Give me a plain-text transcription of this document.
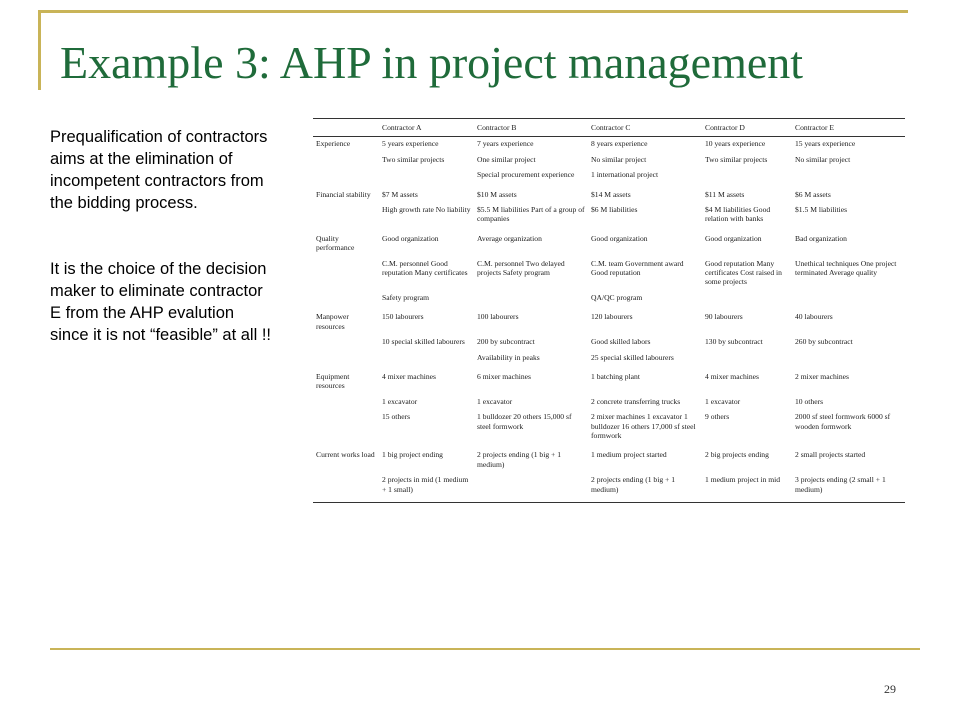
Example 3: AHP in project management

Prequalification of contractors aims at the elimination of incompetent contractors from the bidding process.

It is the choice of the decision maker to eliminate contractor E from the AHP evalution since it is not “feasible” at all !!

	Contractor A	Contractor B	Contractor C	Contractor D	Contractor E
Experience	5 years experience	7 years experience	8 years experience	10 years experience	15 years experience
	Two similar projects	One similar project	No similar project	Two similar projects	No similar project
		Special procurement experience	1 international project		
Financial stability	$7 M assets	$10 M assets	$14 M assets	$11 M assets	$6 M assets
	High growth rate No liability	$5.5 M liabilities Part of a group of companies	$6 M liabilities	$4 M liabilities Good relation with banks	$1.5 M liabilities
Quality performance	Good organization	Average organization	Good organization	Good organization	Bad organization
	C.M. personnel Good reputation Many certificates	C.M. personnel Two delayed projects Safety program	C.M. team Government award Good reputation	Good reputation Many certificates Cost raised in some projects	Unethical techniques One project terminated Average quality
	Safety program		QA/QC program		
Manpower resources	150 labourers	100 labourers	120 labourers	90 labourers	40 labourers
	10 special skilled labourers	200 by subcontract	Good skilled labors	130 by subcontract	260 by subcontract
		Availability in peaks	25 special skilled labourers		
Equipment resources	4 mixer machines	6 mixer machines	1 batching plant	4 mixer machines	2 mixer machines
	1 excavator	1 excavator	2 concrete transferring trucks	1 excavator	10 others
	15 others	1 bulldozer 20 others 15,000 sf steel formwork	2 mixer machines 1 excavator 1 bulldozer 16 others 17,000 sf steel formwork	9 others	2000 sf steel formwork 6000 sf wooden formwork
Current works load	1 big project ending	2 projects ending (1 big + 1 medium)	1 medium project started	2 big projects ending	2 small projects started
	2 projects in mid (1 medium + 1 small)		2 projects ending (1 big + 1 medium)	1 medium project in mid	3 projects ending (2 small + 1 medium)
29
